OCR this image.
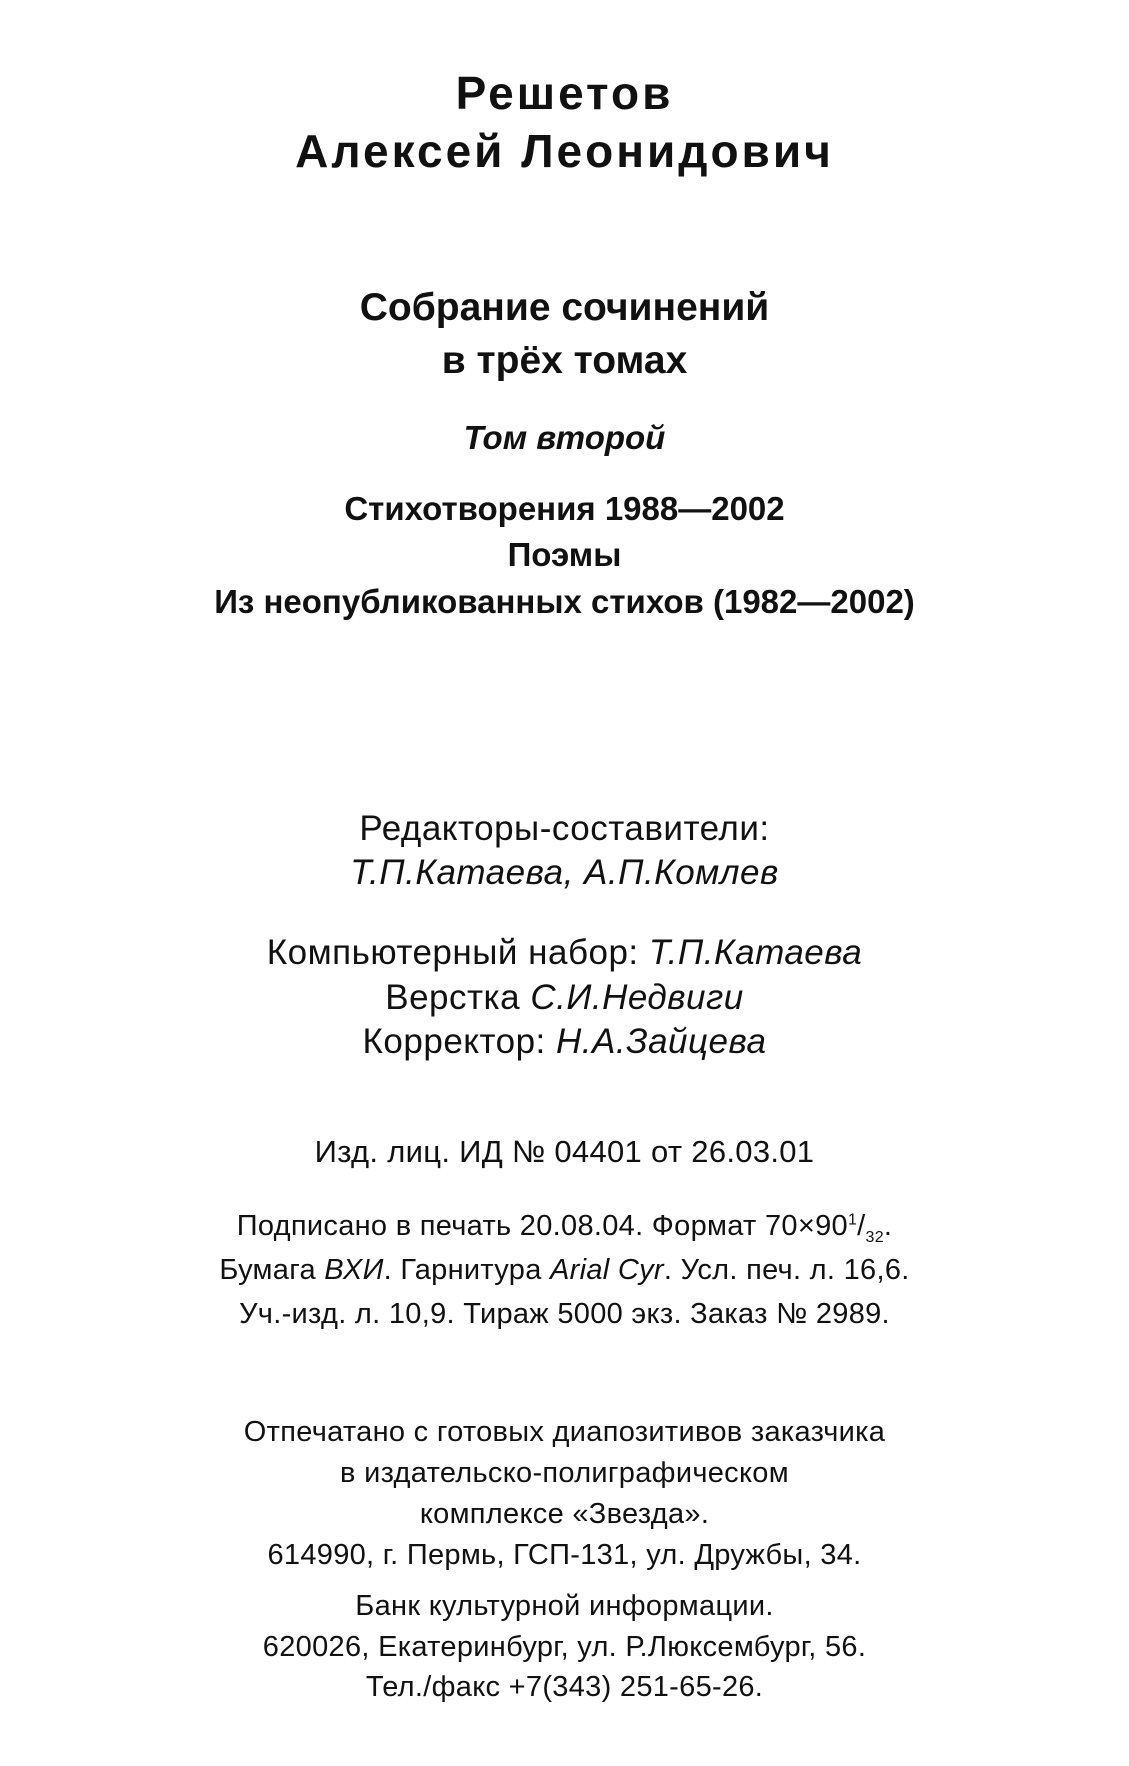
Решетов
Алексей Леонидович
Собрание сочинений
в трёх томах
Том второй
Стихотворения 1988—2002
Поэмы
Из неопубликованных стихов (1982—2002)
Редакторы-составители:
Т.П.Катаева, А.П.Комлев
Компьютерный набор: Т.П.Катаева
Верстка С.И.Недвиги
Корректор: Н.А.Зайцева
Изд. лиц. ИД № 04401 от 26.03.01
Подписано в печать 20.08.04. Формат $70\times 90^1/_{32}$.
Бумага ВХИ. Гарнитура Arial Cyr. Усл. печ. л. 16,6.
Уч.-изд. л. 10,9. Тираж 5000 экз. Заказ № 2989.
Отпечатано с готовых диапозитивов заказчика
в издательско-полиграфическом
комплексе «Звезда».
614990, г. Пермь, ГСП-131, ул. Дружбы, 34.
Банк культурной информации.
620026, Екатеринбург, ул. Р.Люксембург, 56.
Тел./факс +7(343) 251-65-26.
